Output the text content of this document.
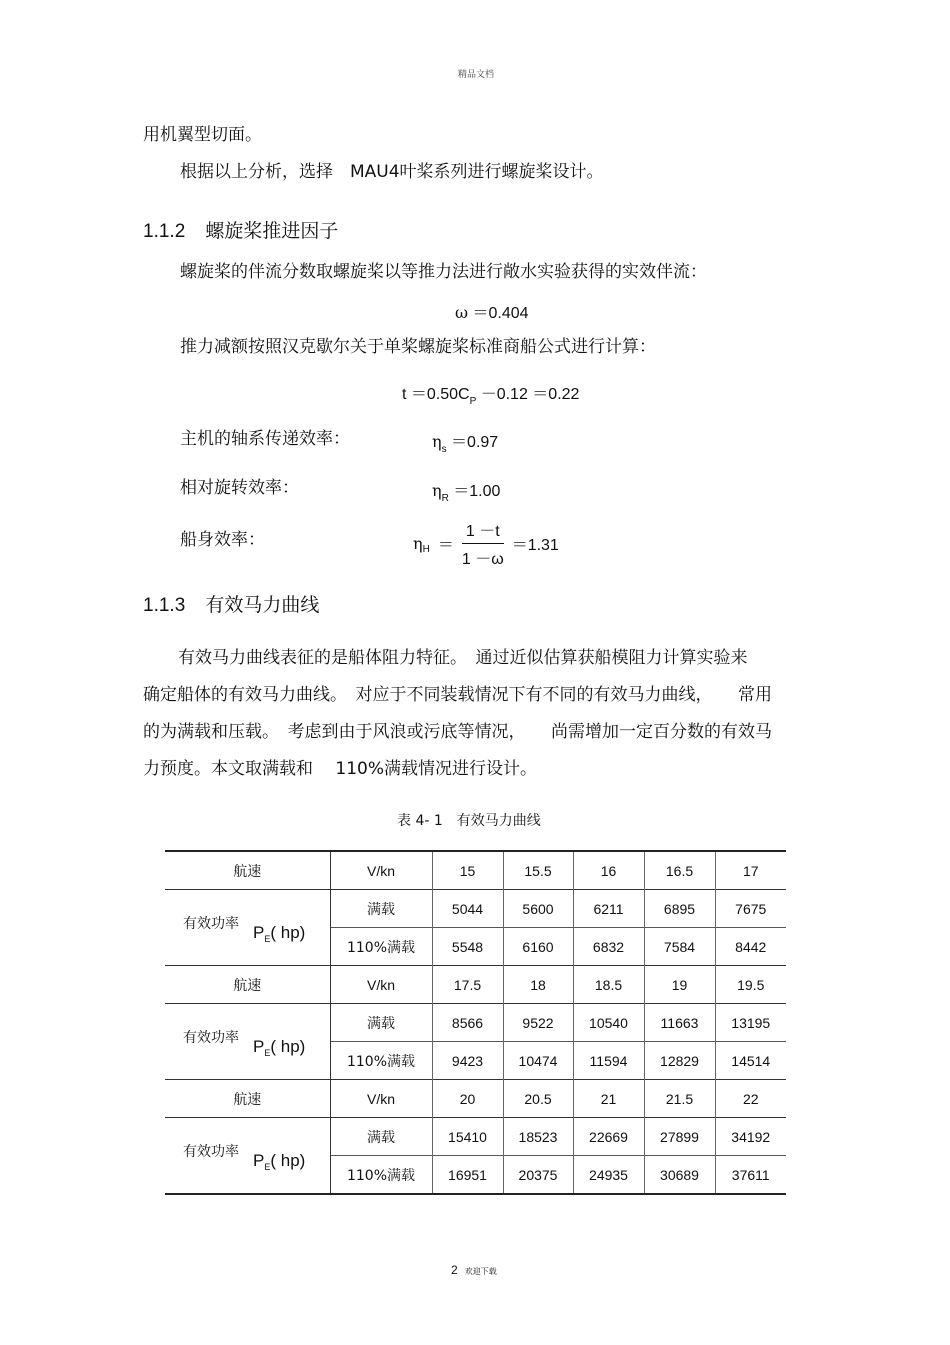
精品文档
用机翼型切面。
根据以上分析，选择　MAU4叶桨系列进行螺旋桨设计。
1.1.2 螺旋桨推进因子
螺旋桨的伴流分数取螺旋桨以等推力法进行敞水实验获得的实效伴流：
ω ＝0.404
推力减额按照汉克歇尔关于单桨螺旋桨标准商船公式进行计算：
$t =0.50C_P -0.12 =0.22$
主机的轴系传递效率：	$\eta_s =0.97$
相对旋转效率：	$\eta_R =1.00$
船身效率：	η $H = \frac{1 -t}{1 -\omega} =1.31$
1.1.3 有效马力曲线
有效马力曲线表征的是船体阻力特征。　通过近似估算获船模阻力计算实验来
确定船体的有效马力曲线。　对应于不同装载情况下有不同的有效马力曲线，　　常用
的为满载和压载。　考虑到由于风浪或污底等情况，　　尚需增加一定百分数的有效马
力预度。本文取满载和　 110%满载情况进行设计。
表 4- 1　有效马力曲线
航速	V/kn	15	15.5	16	16.5	17

有效功率 $P_E$( hp)	满载	5044	5600	6211	6895	7675
	110%满载	5548	6160	6832	7584	8442
航速	V/kn	17.5	18	18.5	19	19.5

有效功率 $P_E$( hp)	满载	8566	9522	10540	11663	13195
	110%满载	9423	10474	11594	12829	14514
航速	V/kn	20	20.5	21	21.5	22

有效功率 $P_E$( hp)	满载	15410	18523	22669	27899	34192
	110%满载	16951	20375	24935	30689	37611
2 欢迎下载
